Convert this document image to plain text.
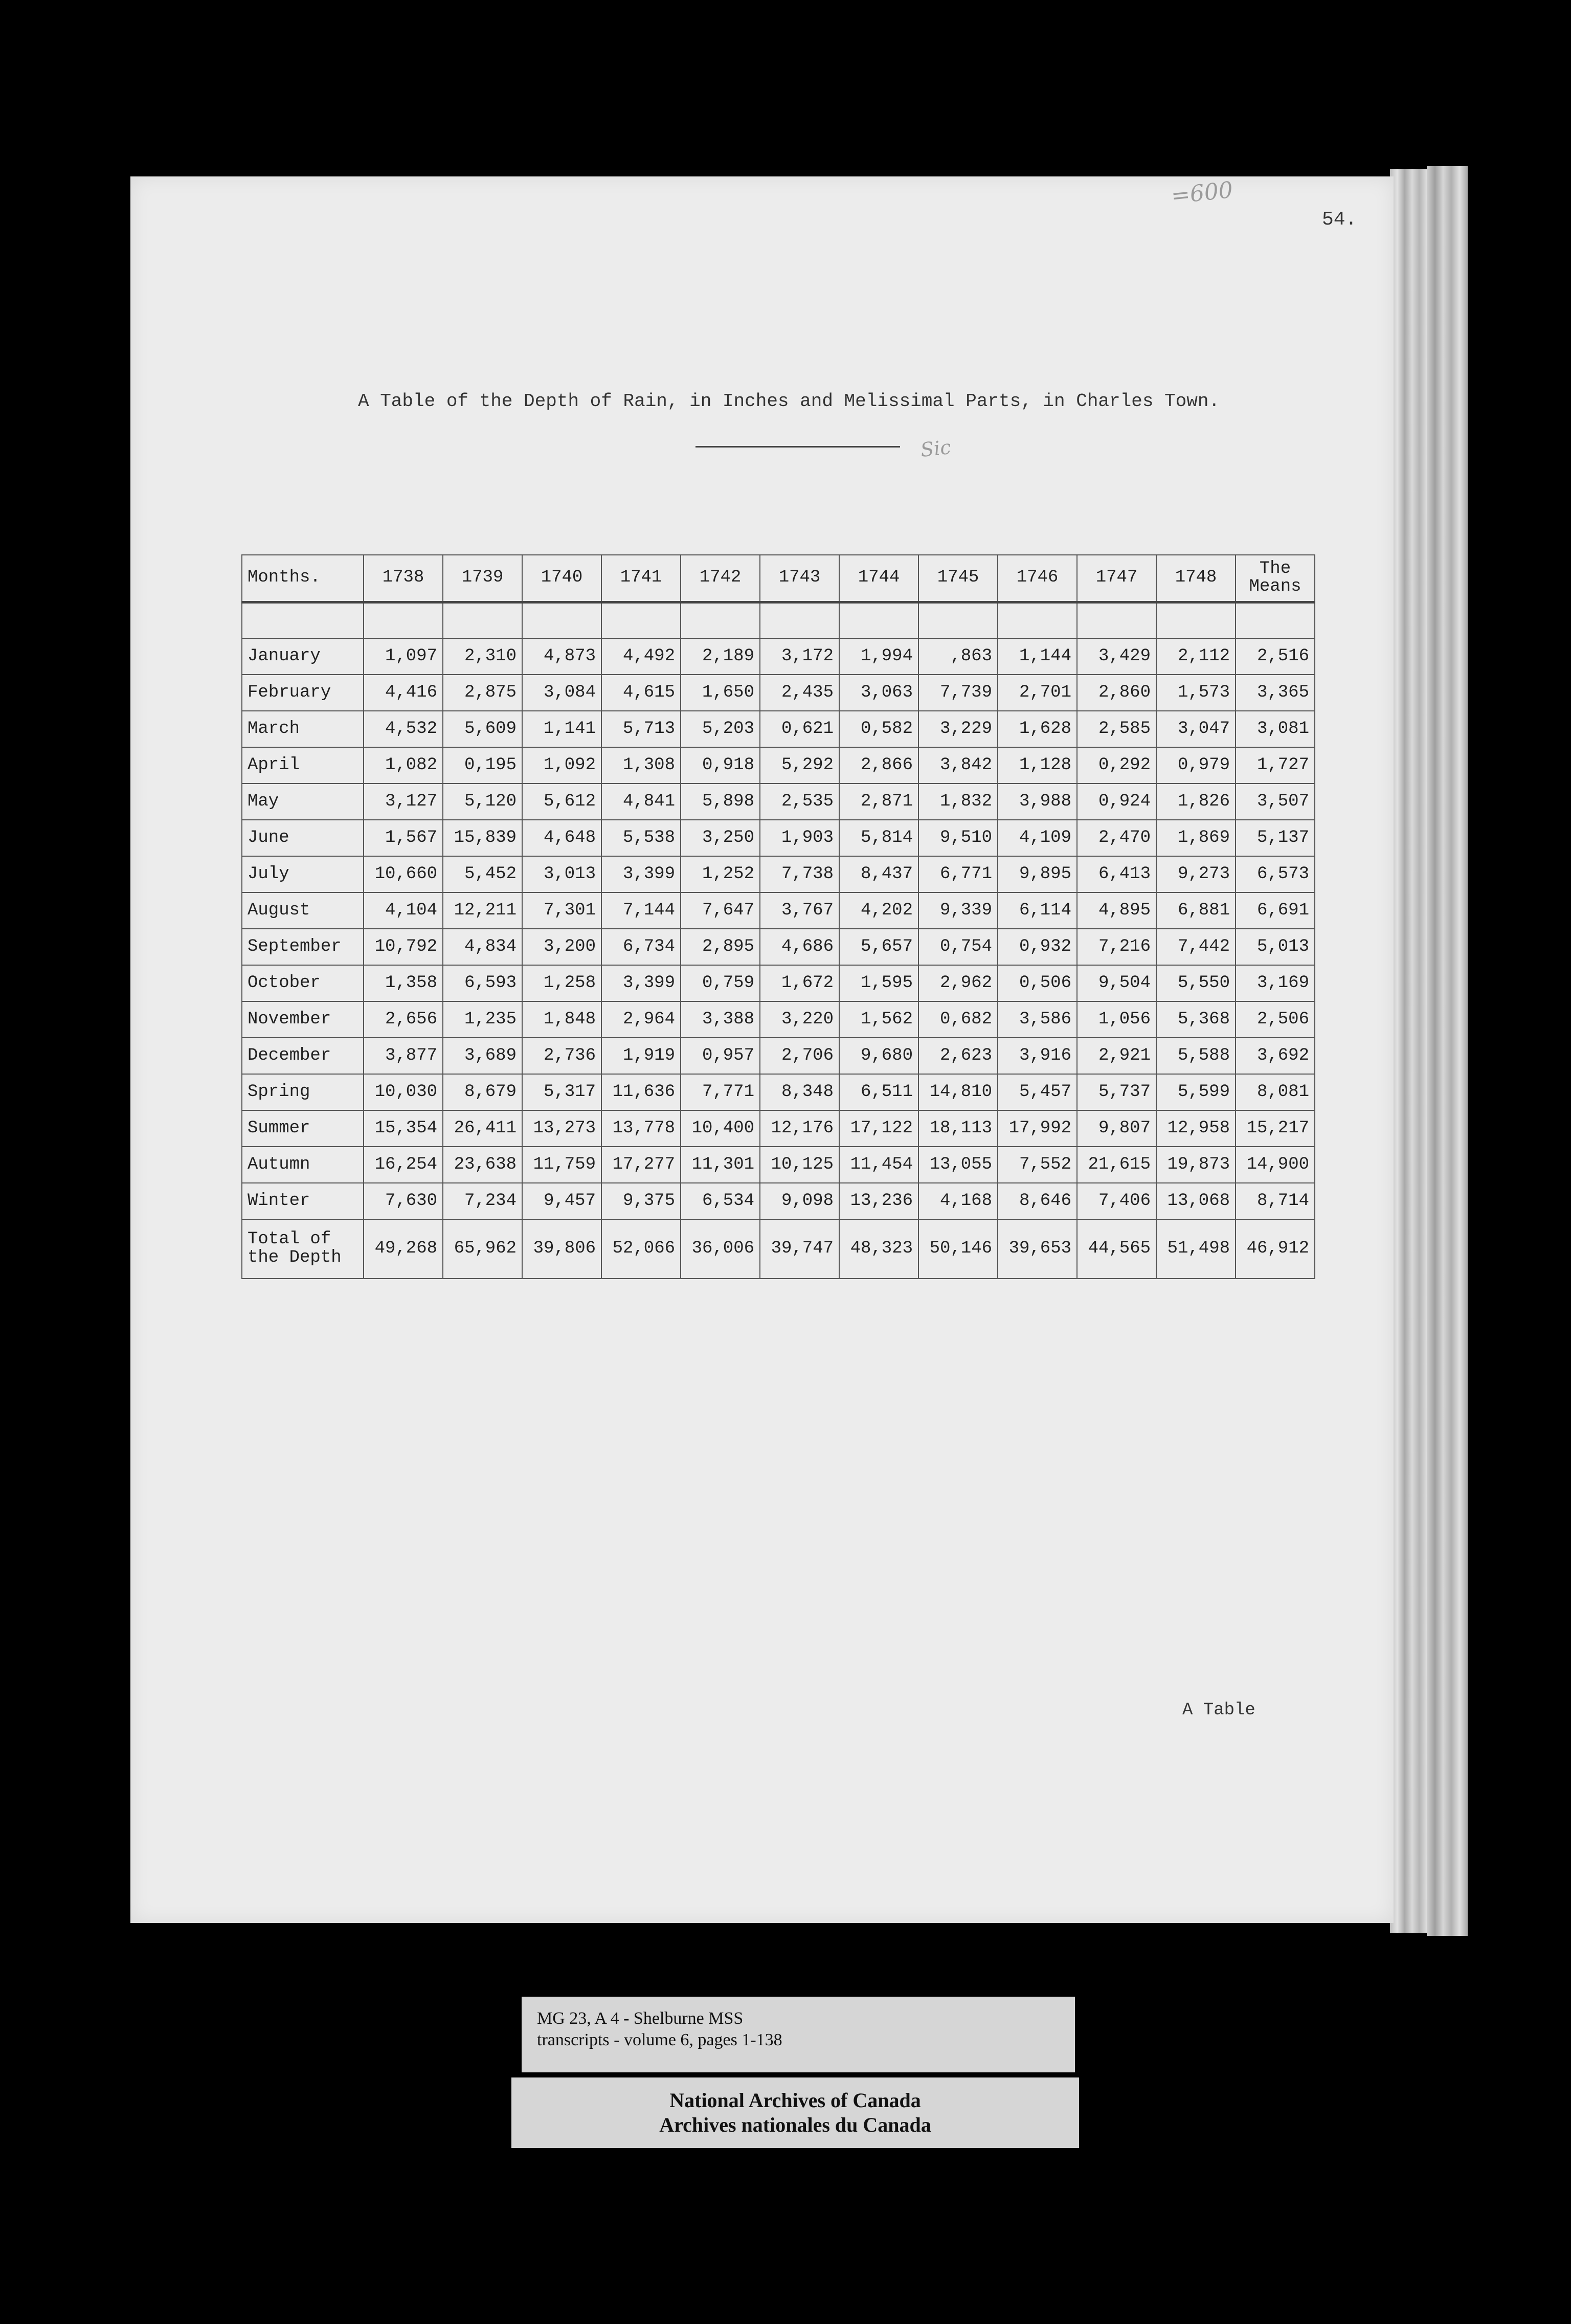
=600
54.
A Table of the Depth of Rain, in Inches and Melissimal Parts, in Charles Town.
Sic
Months.	1738	1739	1740	1741	1742	1743	1744	1745	1746	1747	1748	The Means

January	1,097	2,310	4,873	4,492	2,189	3,172	1,994	,863	1,144	3,429	2,112	2,516
February	4,416	2,875	3,084	4,615	1,650	2,435	3,063	7,739	2,701	2,860	1,573	3,365
March	4,532	5,609	1,141	5,713	5,203	0,621	0,582	3,229	1,628	2,585	3,047	3,081
April	1,082	0,195	1,092	1,308	0,918	5,292	2,866	3,842	1,128	0,292	0,979	1,727
May	3,127	5,120	5,612	4,841	5,898	2,535	2,871	1,832	3,988	0,924	1,826	3,507
June	1,567	15,839	4,648	5,538	3,250	1,903	5,814	9,510	4,109	2,470	1,869	5,137
July	10,660	5,452	3,013	3,399	1,252	7,738	8,437	6,771	9,895	6,413	9,273	6,573
August	4,104	12,211	7,301	7,144	7,647	3,767	4,202	9,339	6,114	4,895	6,881	6,691
September	10,792	4,834	3,200	6,734	2,895	4,686	5,657	0,754	0,932	7,216	7,442	5,013
October	1,358	6,593	1,258	3,399	0,759	1,672	1,595	2,962	0,506	9,504	5,550	3,169
November	2,656	1,235	1,848	2,964	3,388	3,220	1,562	0,682	3,586	1,056	5,368	2,506
December	3,877	3,689	2,736	1,919	0,957	2,706	9,680	2,623	3,916	2,921	5,588	3,692
Spring	10,030	8,679	5,317	11,636	7,771	8,348	6,511	14,810	5,457	5,737	5,599	8,081
Summer	15,354	26,411	13,273	13,778	10,400	12,176	17,122	18,113	17,992	9,807	12,958	15,217
Autumn	16,254	23,638	11,759	17,277	11,301	10,125	11,454	13,055	7,552	21,615	19,873	14,900
Winter	7,630	7,234	9,457	9,375	6,534	9,098	13,236	4,168	8,646	7,406	13,068	8,714
Total of the Depth	49,268	65,962	39,806	52,066	36,006	39,747	48,323	50,146	39,653	44,565	51,498	46,912
A Table
MG 23, A 4 - Shelburne MSS
transcripts - volume 6, pages 1-138
National Archives of Canada
Archives nationales du Canada
